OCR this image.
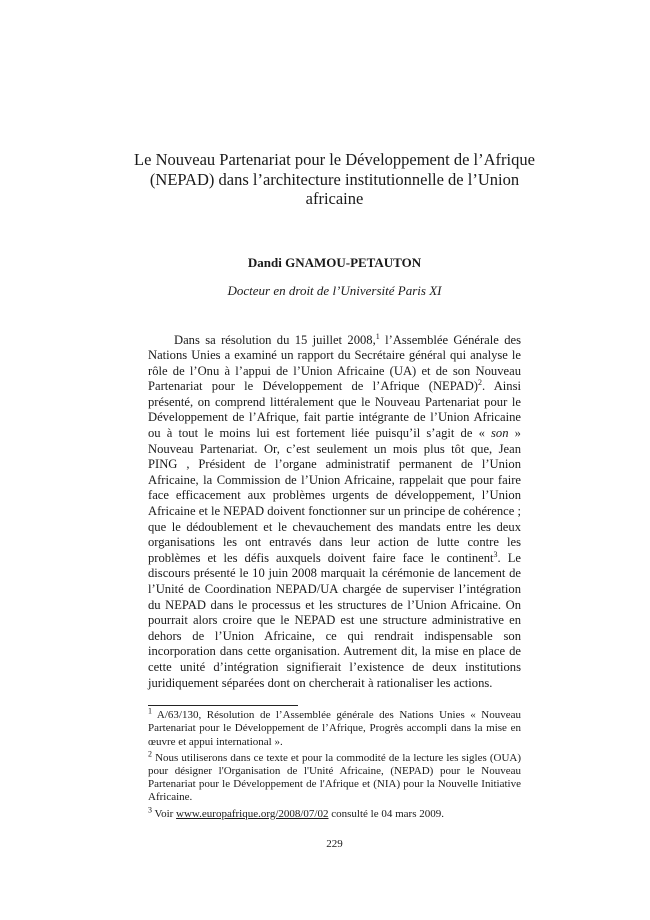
Le Nouveau Partenariat pour le Développement de l’Afrique (NEPAD) dans l’architecture institutionnelle de l’Union africaine
Dandi GNAMOU-PETAUTON
Docteur en droit de l’Université Paris XI

Dans sa résolution du 15 juillet 2008,$^1$ l’Assemblée Générale des Nations Unies a examiné un rapport du Secrétaire général qui analyse le rôle de l’Onu à l’appui de l’Union Africaine (UA) et de son Nouveau Partenariat pour le Développement de l’Afrique (NEPAD)$^2$. Ainsi présenté, on comprend littéralement que le Nouveau Partenariat pour le Développement de l’Afrique, fait partie intégrante de l’Union Africaine ou à tout le moins lui est fortement liée puisqu’il s’agit de « son » Nouveau Partenariat. Or, c’est seulement un mois plus tôt que, Jean PING , Président de l’organe administratif permanent de l’Union Africaine, la Commission de l’Union Africaine, rappelait que pour faire face efficacement aux problèmes urgents de développement, l’Union Africaine et le NEPAD doivent fonctionner sur un principe de cohérence ; que le dédoublement et le chevauchement des mandats entre les deux organisations les ont entravés dans leur action de lutte contre les problèmes et les défis auxquels doivent faire face le continent$^3$. Le discours présenté le 10 juin 2008 marquait la cérémonie de lancement de l’Unité de Coordination NEPAD/UA chargée de superviser l’intégration du NEPAD dans le processus et les structures de l’Union Africaine. On pourrait alors croire que le NEPAD est une structure administrative en dehors de l’Union Africaine, ce qui rendrait indispensable son incorporation dans cette organisation. Autrement dit, la mise en place de cette unité d’intégration signifierait l’existence de deux institutions juridiquement séparées dont on chercherait à rationaliser les actions.

$^1$ A/63/130, Résolution de l’Assemblée générale des Nations Unies « Nouveau Partenariat pour le Développement de l’Afrique, Progrès accompli dans la mise en œuvre et appui international ».

$^2$ Nous utiliserons dans ce texte et pour la commodité de la lecture les sigles (OUA) pour désigner l'Organisation de l'Unité Africaine, (NEPAD) pour le Nouveau Partenariat pour le Développement de l'Afrique et (NIA) pour la Nouvelle Initiative Africaine.

$^3$ Voir www.europafrique.org/2008/07/02 consulté le 04 mars 2009.

229
